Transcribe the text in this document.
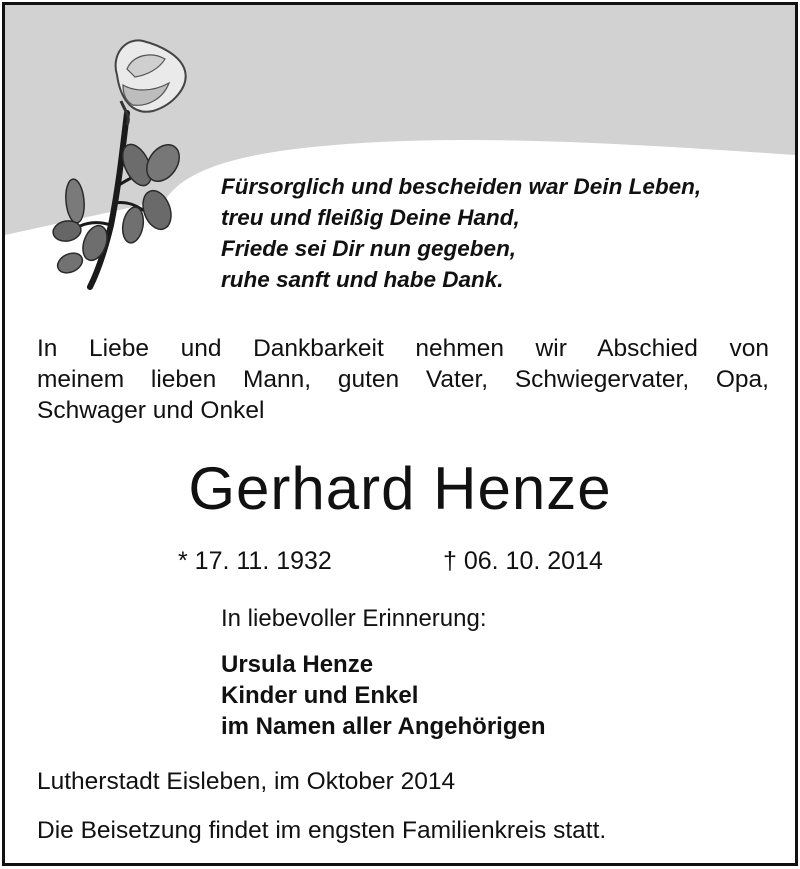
Fürsorglich und bescheiden war Dein Leben,
treu und fleißig Deine Hand,
Friede sei Dir nun gegeben,
ruhe sanft und habe Dank.
In Liebe und Dankbarkeit nehmen wir Abschied von
meinem lieben Mann, guten Vater, Schwiegervater, Opa,
Schwager und Onkel
Gerhard Henze
* 17. 11. 1932	† 06. 10. 2014
In liebevoller Erinnerung:
Ursula Henze
Kinder und Enkel
im Namen aller Angehörigen
Lutherstadt Eisleben, im Oktober 2014
Die Beisetzung findet im engsten Familienkreis statt.
